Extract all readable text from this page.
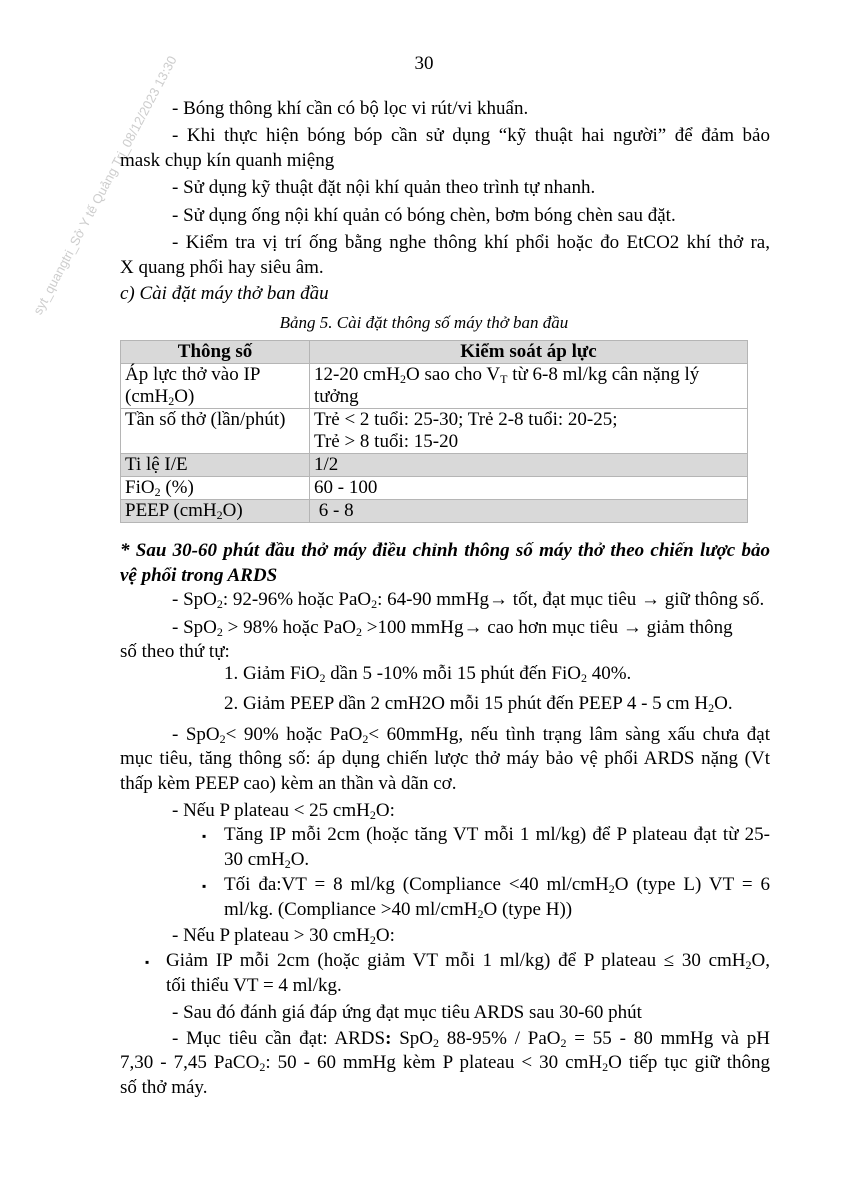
syt_quangtri_Sở Y tế Quảng Trị_08/12/2023 13:30	30
- Bóng thông khí cần có bộ lọc vi rút/vi khuẩn.
- Khi thực hiện bóng bóp cần sử dụng “kỹ thuật hai người” để đảm bảo
mask chụp kín quanh miệng
- Sử dụng kỹ thuật đặt nội khí quản theo trình tự nhanh.
- Sử dụng ống nội khí quản có bóng chèn, bơm bóng chèn sau đặt.
- Kiểm tra vị trí ống bằng nghe thông khí phổi hoặc đo EtCO2 khí thở ra,
X quang phổi hay siêu âm.
c) Cài đặt máy thở ban đầu
Bảng 5. Cài đặt thông số máy thở ban đầu
Thông số	Kiểm soát áp lực
Áp lực thở vào IP
(cmH$_2$O)	12-20 cmH$_2$O sao cho $V_T$ từ 6-8 ml/kg cân nặng lý
tưởng
Tần số thở (lần/phút)	Trẻ < 2 tuổi: 25-30; Trẻ 2-8 tuổi: 20-25;
Trẻ > 8 tuổi: 15-20
Ti lệ I/E	1/2
FiO$_2$ (%)	60 - 100
PEEP (cmH$_2$O)	6 - 8
* Sau 30-60 phút đầu thở máy điều chỉnh thông số máy thở theo chiến lược bảo
vệ phổi trong ARDS
- SpO$_2$: 92-96% hoặc PaO$_2$: 64-90 mmHg→ tốt, đạt mục tiêu → giữ thông số.
- SpO$_2$ > 98% hoặc PaO$_2$ >100 mmHg→ cao hơn mục tiêu → giảm thông
số theo thứ tự:
1. Giảm FiO$_2$ dần 5 -10% mỗi 15 phút đến FiO$_2$ 40%.
2. Giảm PEEP dần 2 cmH2O mỗi 15 phút đến PEEP 4 - 5 cm $H_2O$.
- SpO$_2$< 90% hoặc PaO$_2$< 60mmHg, nếu tình trạng lâm sàng xấu chưa đạt
mục tiêu, tăng thông số: áp dụng chiến lược thở máy bảo vệ phổi ARDS nặng (Vt
thấp kèm PEEP cao) kèm an thần và dãn cơ.
- Nếu P plateau < 25 cmH$_2$O:
▪ Tăng IP mỗi 2cm (hoặc tăng VT mỗi 1 ml/kg) để P plateau đạt từ 25-
30 cmH$_2$O.
▪ Tối đa:VT = 8 ml/kg (Compliance <40 ml/cmH$_2$O (type L) VT = 6
ml/kg. (Compliance >40 ml/cmH$_2$O (type H))
- Nếu P plateau > 30 cmH$_2$O:
▪ Giảm IP mỗi 2cm (hoặc giảm VT mỗi 1 ml/kg) để P plateau ≤ 30 cmH$_2$O,
tối thiểu VT = 4 ml/kg.
- Sau đó đánh giá đáp ứng đạt mục tiêu ARDS sau 30-60 phút
- Mục tiêu cần đạt: ARDS: SpO$_2$ 88-95% / PaO$_2$ = 55 - 80 mmHg và pH
7,30 - 7,45 PaCO$_2$: 50 - 60 mmHg kèm P plateau < 30 cmH$_2$O tiếp tục giữ thông
số thở máy.
